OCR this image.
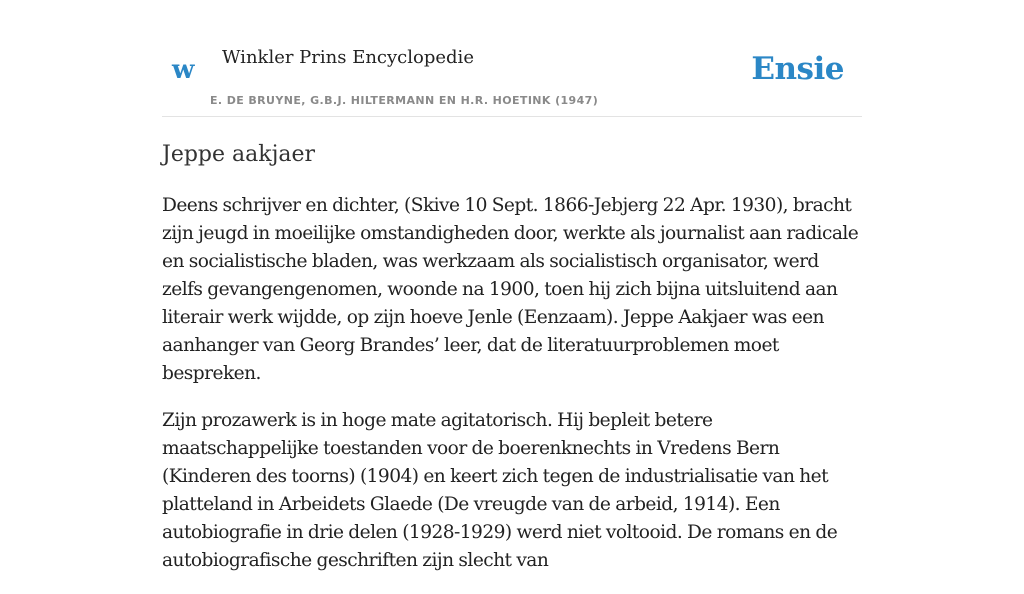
w Winkler Prins Encyclopedie
E. DE BRUYNE, G.B.J. HILTERMANN EN H.R. HOETINK (1947)
Ensie
Jeppe aakjaer

Deens schrijver en dichter, (Skive 10 Sept. 1866-Jebjerg 22 Apr. 1930), bracht zijn jeugd in moeilijke omstandigheden door, werkte als journalist aan radicale en socialistische bladen, was werkzaam als socialistisch organisator, werd zelfs gevangengenomen, woonde na 1900, toen hij zich bijna uitsluitend aan literair werk wijdde, op zijn hoeve Jenle (Eenzaam). Jeppe Aakjaer was een aanhanger van Georg Brandes’ leer, dat de literatuurproblemen moet bespreken.

Zijn prozawerk is in hoge mate agitatorisch. Hij bepleit betere maatschappelijke toestanden voor de boerenknechts in Vredens Bern (Kinderen des toorns) (1904) en keert zich tegen de industrialisatie van het platteland in Arbeidets Glaede (De vreugde van de arbeid, 1914). Een autobiografie in drie delen (1928-1929) werd niet voltooid. De romans en de autobiografische geschriften zijn slecht van
